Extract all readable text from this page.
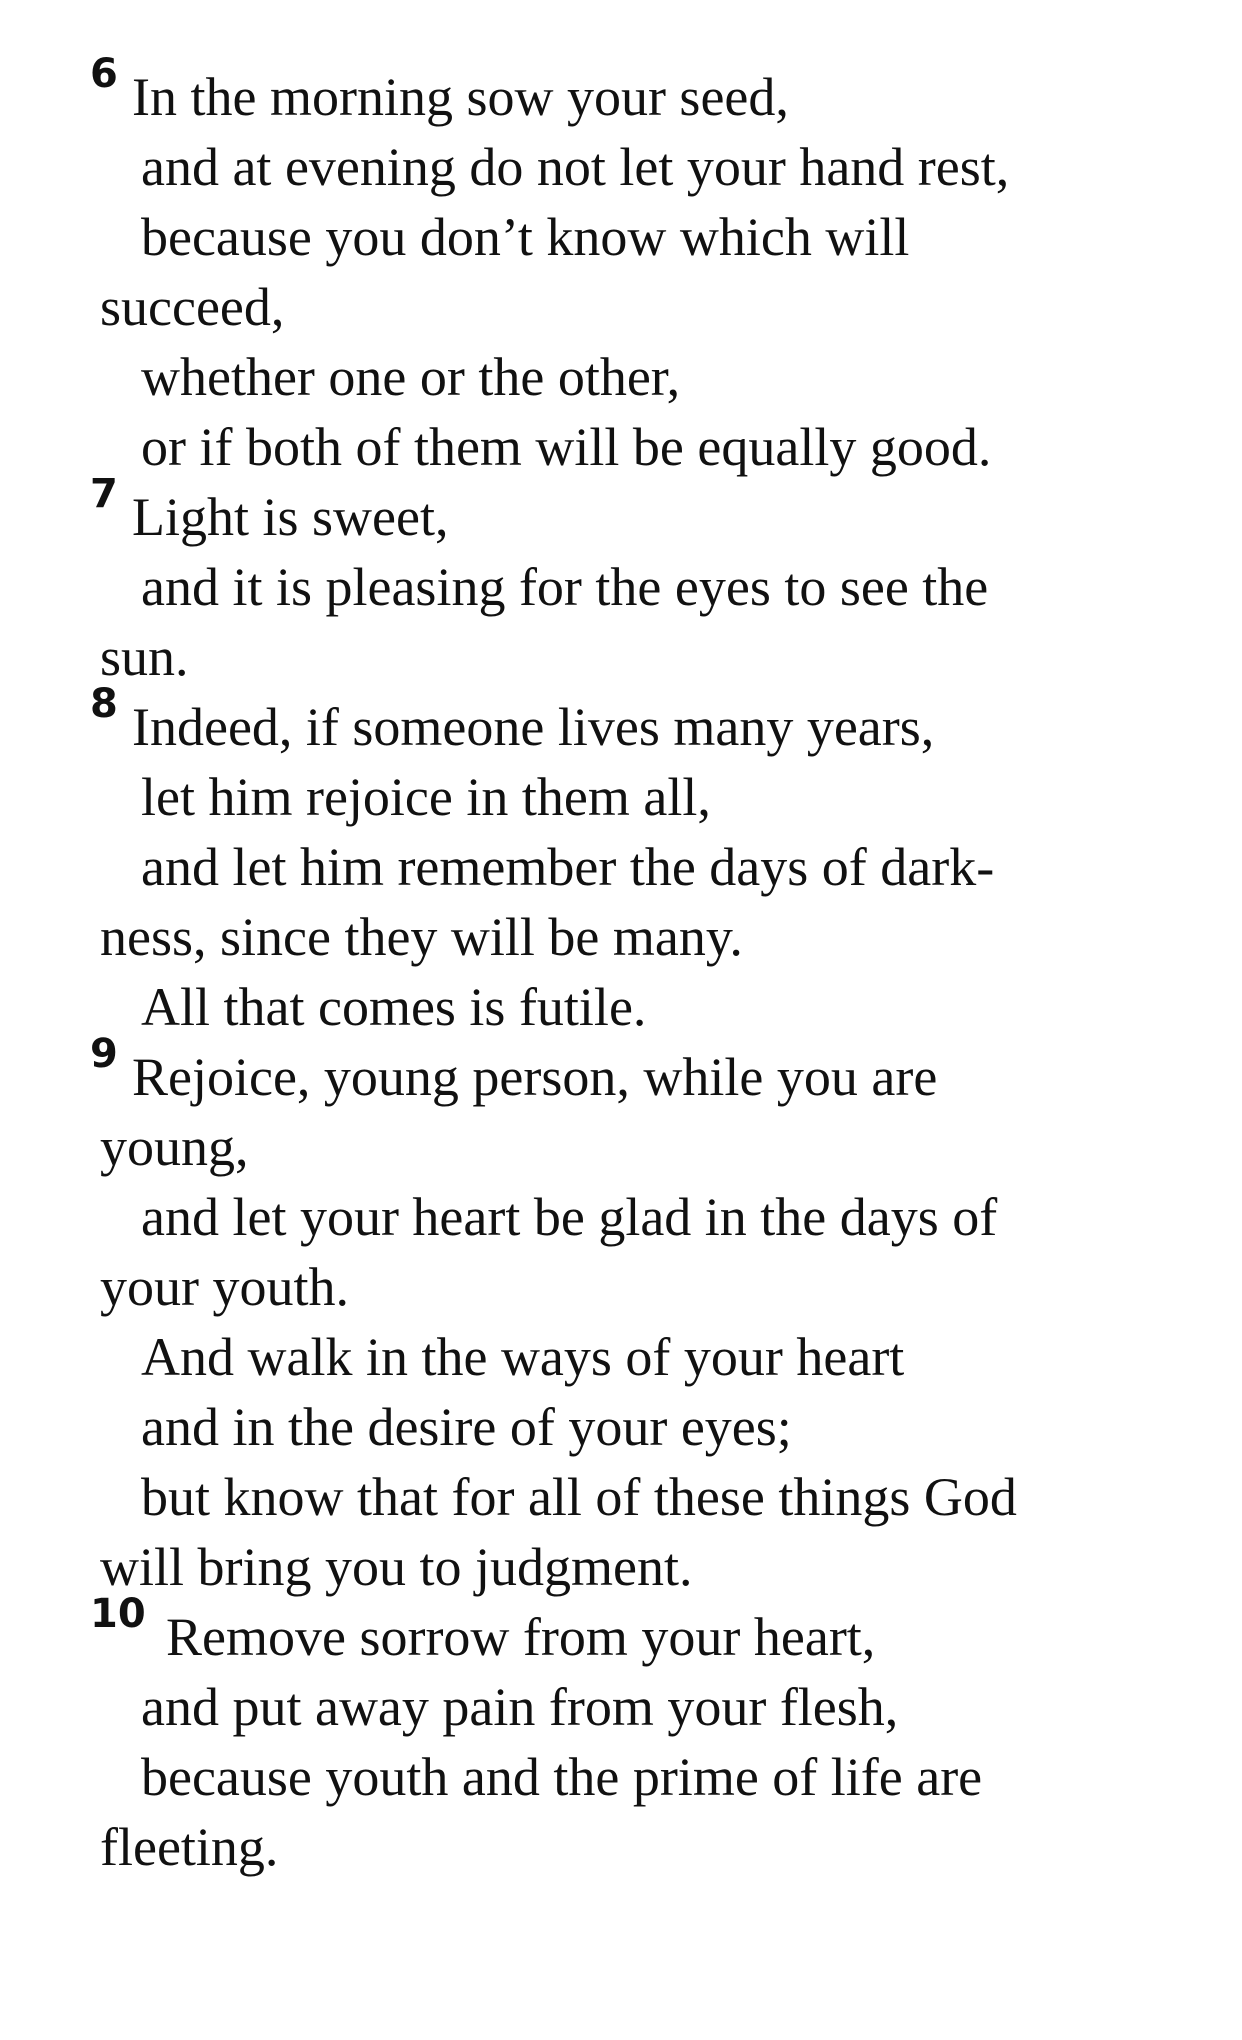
6 In the morning sow your seed,
and at evening do not let your hand rest,
because you don’t know which will
succeed,
whether one or the other,
or if both of them will be equally good.
7 Light is sweet,
and it is pleasing for the eyes to see the
sun.
8 Indeed, if someone lives many years,
let him rejoice in them all,
and let him remember the days of dark-
ness, since they will be many.
All that comes is futile.
9 Rejoice, young person, while you are
young,
and let your heart be glad in the days of
your youth.
And walk in the ways of your heart
and in the desire of your eyes;
but know that for all of these things God
will bring you to judgment.
10 Remove sorrow from your heart,
and put away pain from your flesh,
because youth and the prime of life are
fleeting.
